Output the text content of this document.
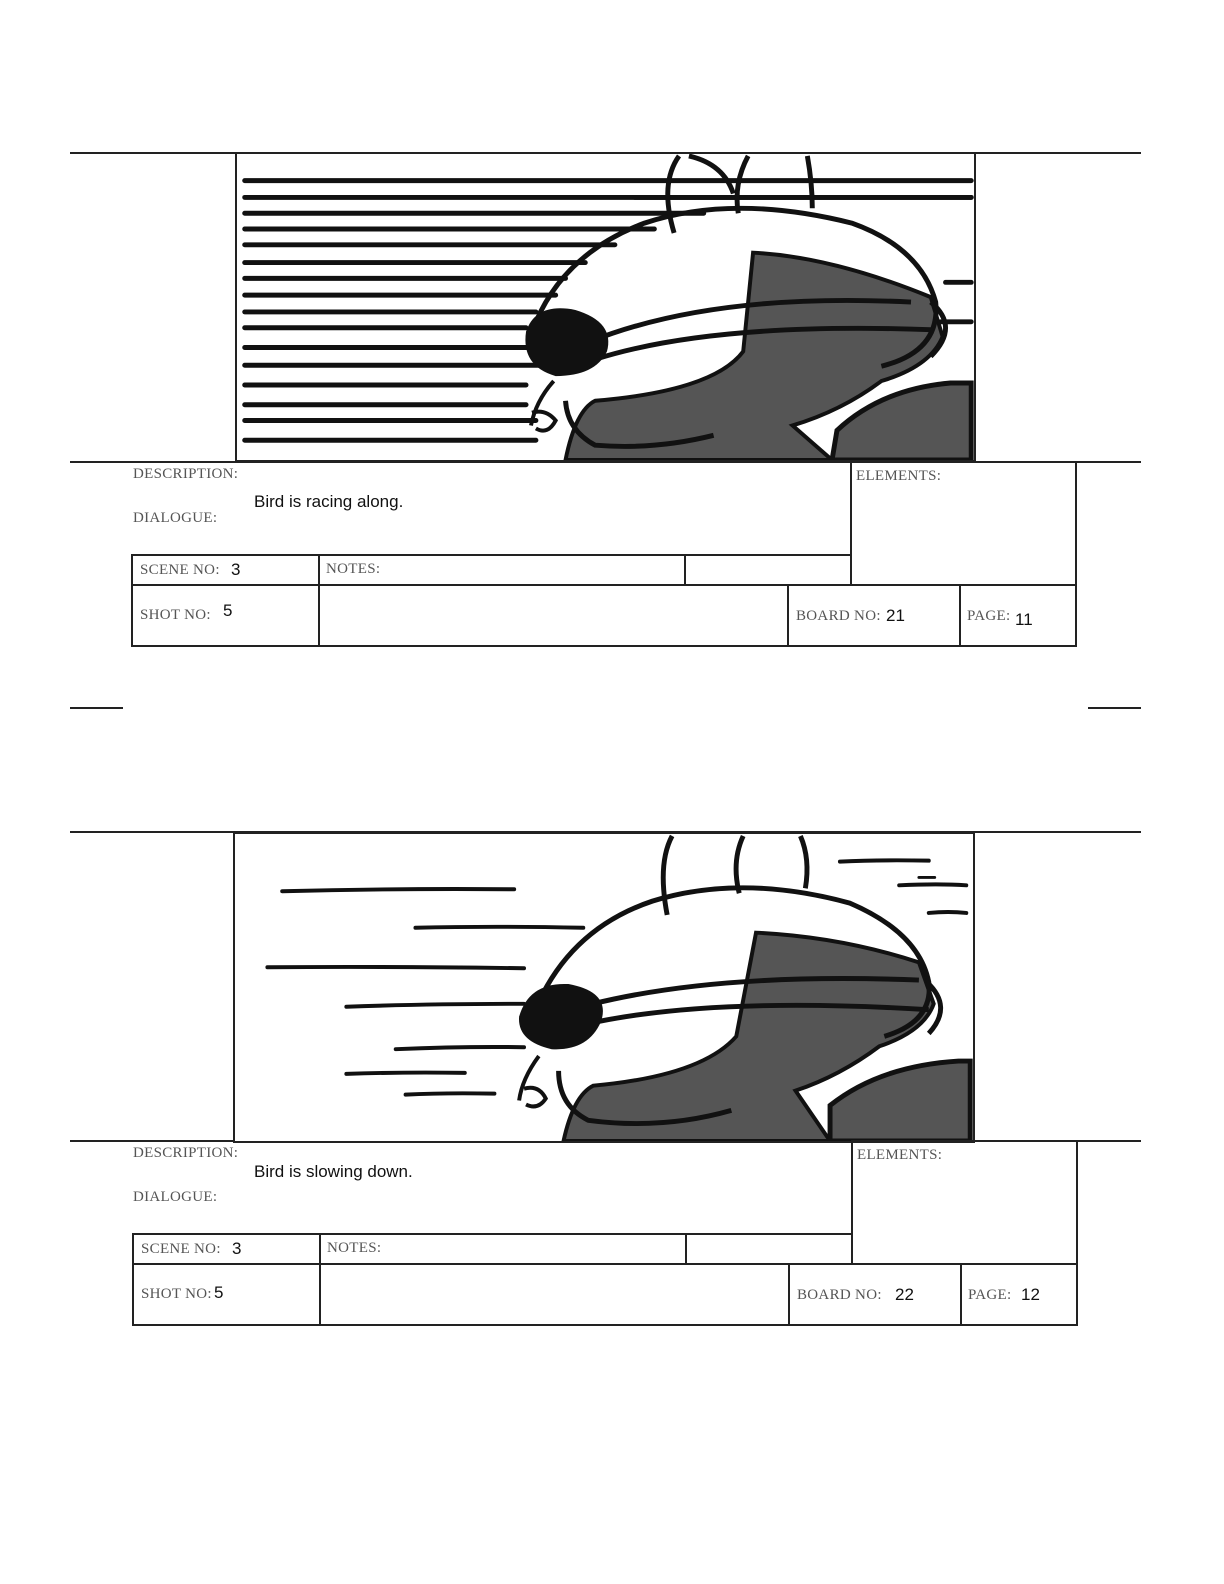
DESCRIPTION:
DIALOGUE:
Bird is racing along.
ELEMENTS:
SCENE NO: 3	NOTES:
SHOT NO: 5	BOARD NO: 21	PAGE: 11
DESCRIPTION:
DIALOGUE:
Bird is slowing down.
ELEMENTS:
SCENE NO: 3	NOTES:
SHOT NO: 5	BOARD NO: 22	PAGE: 12
